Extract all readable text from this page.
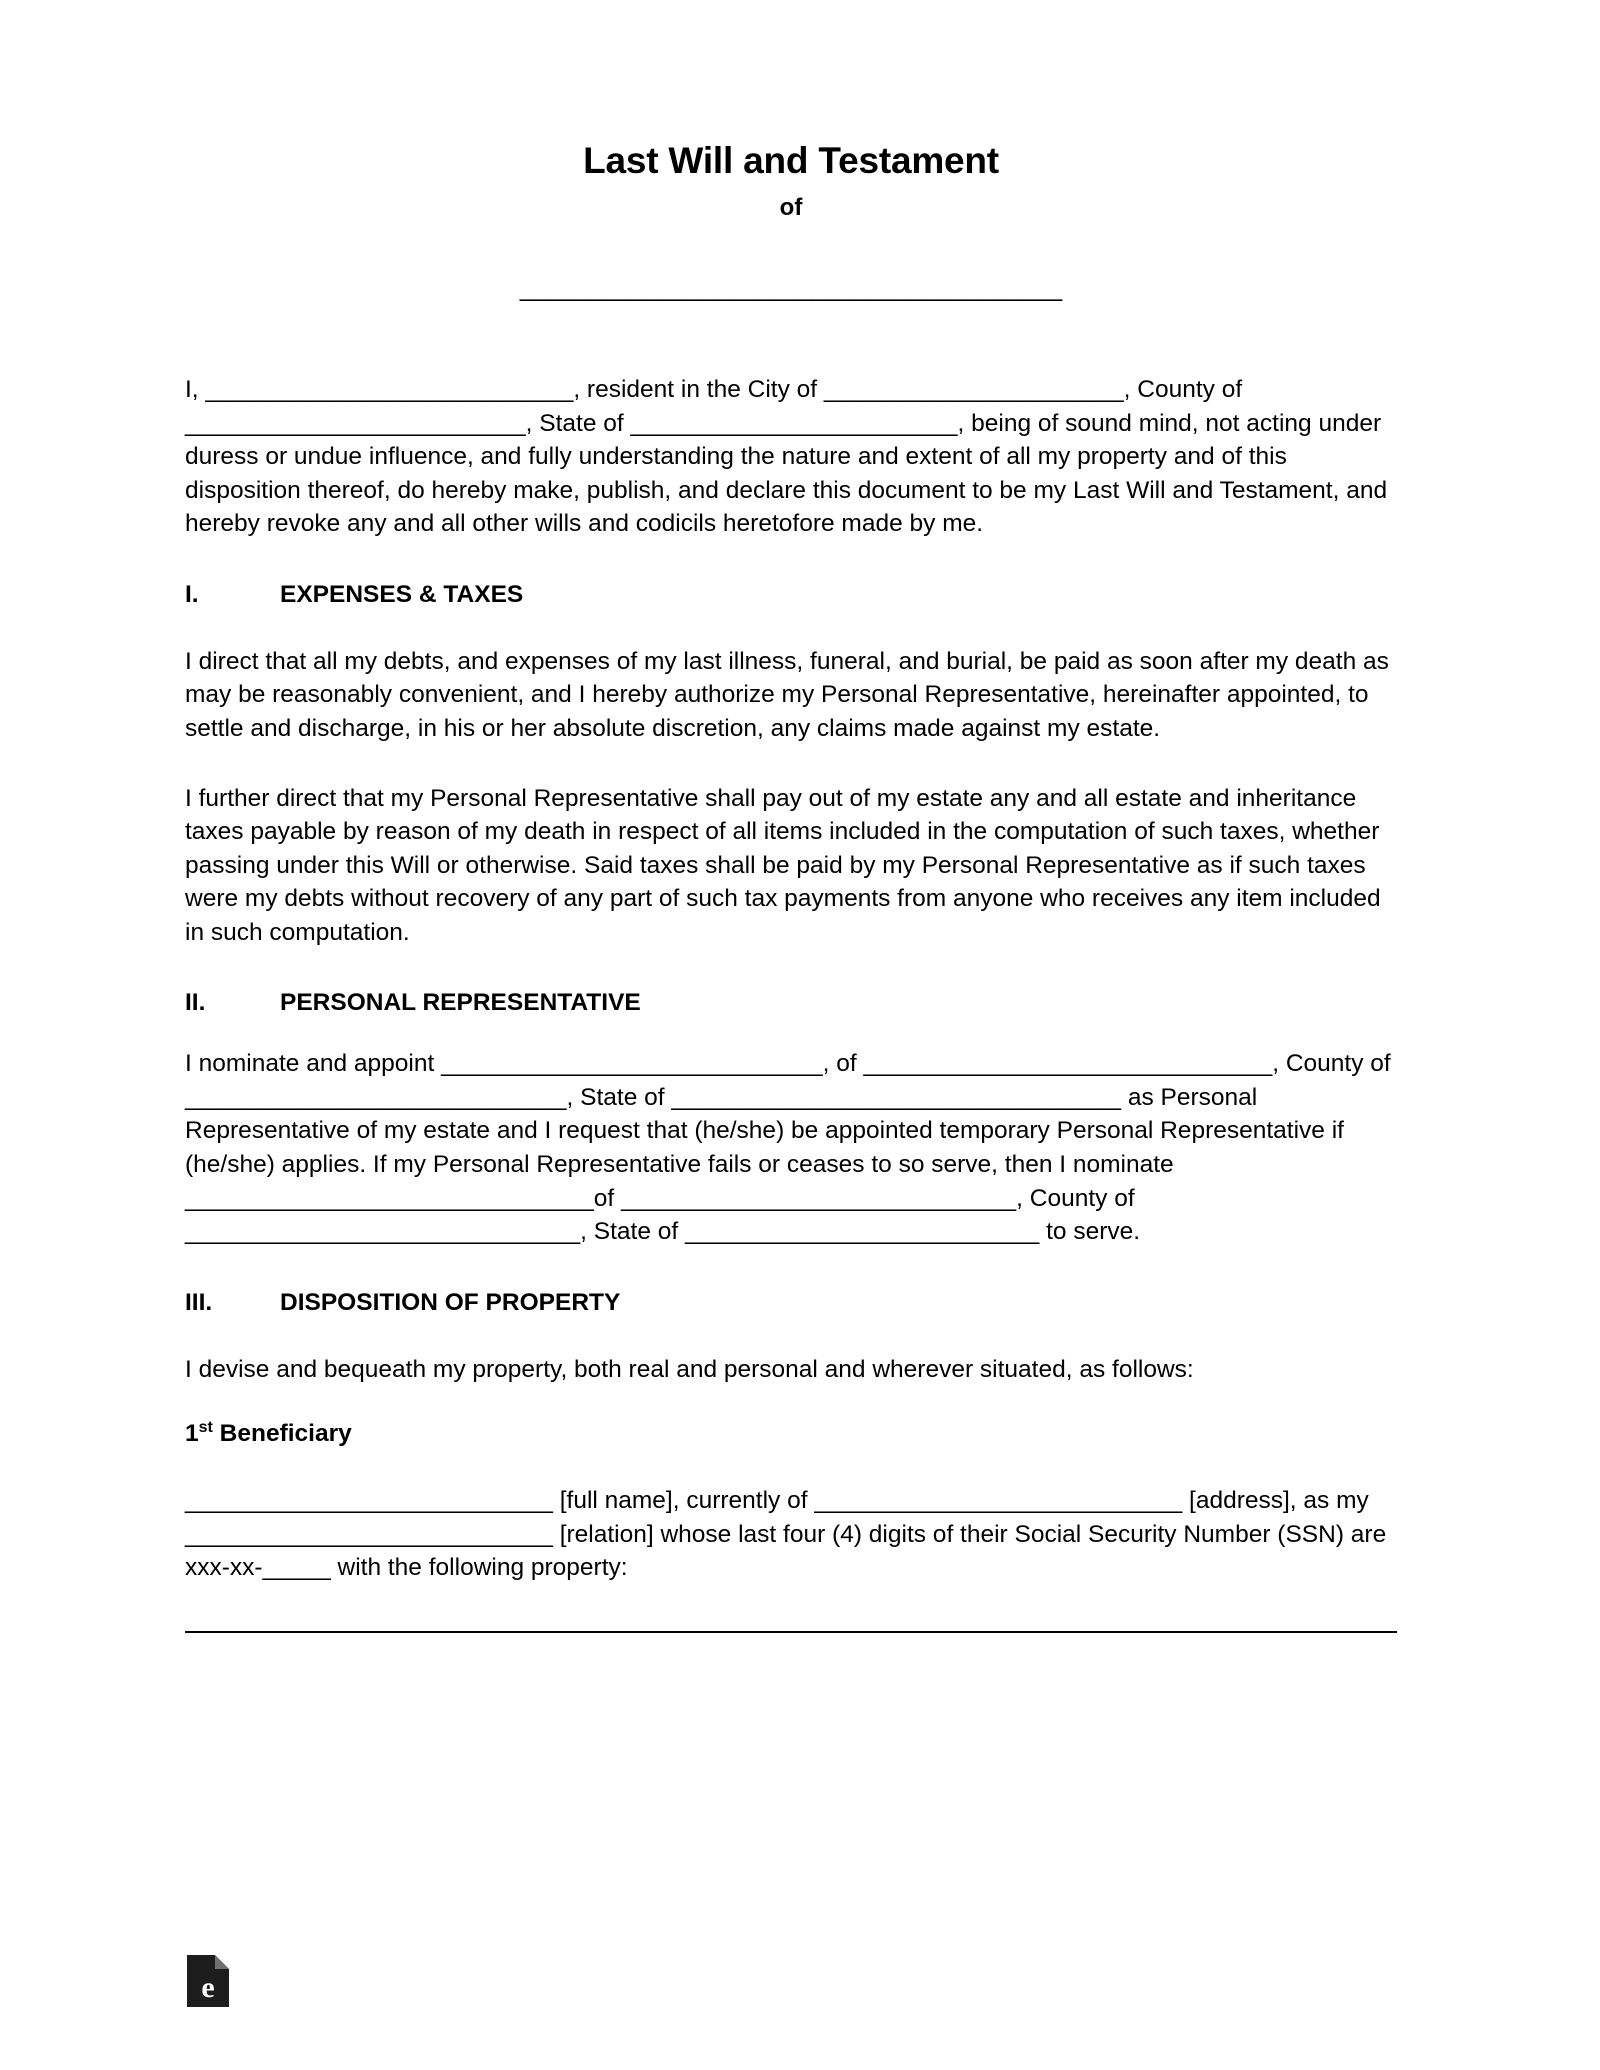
Last Will and Testament
of
_______________________________________

I, ___________________________, resident in the City of ______________________, County of _________________________, State of ________________________, being of sound mind, not acting under duress or undue influence, and fully understanding the nature and extent of all my property and of this disposition thereof, do hereby make, publish, and declare this document to be my Last Will and Testament, and hereby revoke any and all other wills and codicils heretofore made by me.

I.	EXPENSES & TAXES

I direct that all my debts, and expenses of my last illness, funeral, and burial, be paid as soon after my death as may be reasonably convenient, and I hereby authorize my Personal Representative, hereinafter appointed, to settle and discharge, in his or her absolute discretion, any claims made against my estate.

I further direct that my Personal Representative shall pay out of my estate any and all estate and inheritance taxes payable by reason of my death in respect of all items included in the computation of such taxes, whether passing under this Will or otherwise. Said taxes shall be paid by my Personal Representative as if such taxes were my debts without recovery of any part of such tax payments from anyone who receives any item included in such computation.

II.	PERSONAL REPRESENTATIVE

I nominate and appoint ____________________________, of ______________________________, County of ____________________________, State of _________________________________ as Personal Representative of my estate and I request that (he/she) be appointed temporary Personal Representative if (he/she) applies. If my Personal Representative fails or ceases to so serve, then I nominate ______________________________of _____________________________, County of _____________________________, State of __________________________ to serve.

III.	DISPOSITION OF PROPERTY

I devise and bequeath my property, both real and personal and wherever situated, as follows:

1st Beneficiary

___________________________ [full name], currently of ___________________________ [address], as my ___________________________ [relation] whose last four (4) digits of their Social Security Number (SSN) are xxx-xx-_____ with the following property:

e
